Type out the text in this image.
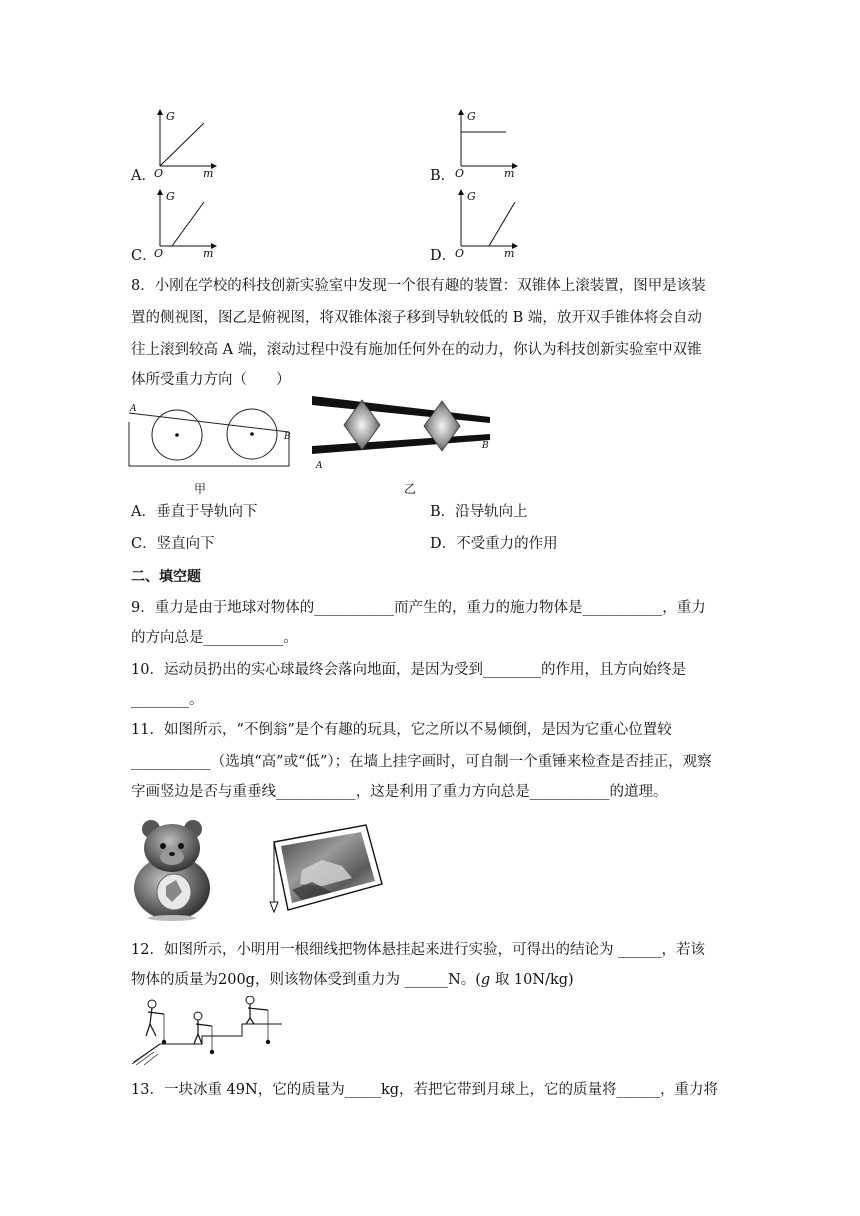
A．
G
O	m	B．
G
O	m
C．
G
O	m	D．
G
O	m
8．小刚在学校的科技创新实验室中发现一个很有趣的装置：双锥体上滚装置，图甲是该装
置的侧视图，图乙是俯视图，将双锥体滚子移到导轨较低的 B 端，放开双手锥体将会自动
往上滚到较高 A 端，滚动过程中没有施加任何外在的动力，你认为科技创新实验室中双锥
体所受重力方向（　　）
A
B
甲
A
B
乙
A．垂直于导轨向下	B．沿导轨向上
C．竖直向下	D．不受重力的作用
二、填空题
9．重力是由于地球对物体的___________而产生的，重力的施力物体是___________，重力
的方向总是___________。
10．运动员扔出的实心球最终会落向地面，是因为受到________的作用，且方向始终是
________。
11．如图所示，“不倒翁”是个有趣的玩具，它之所以不易倾倒，是因为它重心位置较
___________（选填“高”或“低”）；在墙上挂字画时，可自制一个重锤来检查是否挂正，观察
字画竖边是否与重垂线___________，这是利用了重力方向总是___________的道理。
12．如图所示，小明用一根细线把物体悬挂起来进行实验，可得出的结论为 ______，若该
物体的质量为200g，则该物体受到重力为 ______N。(g 取 10N/kg)
13．一块冰重 49N，它的质量为_____kg，若把它带到月球上，它的质量将______，重力将
